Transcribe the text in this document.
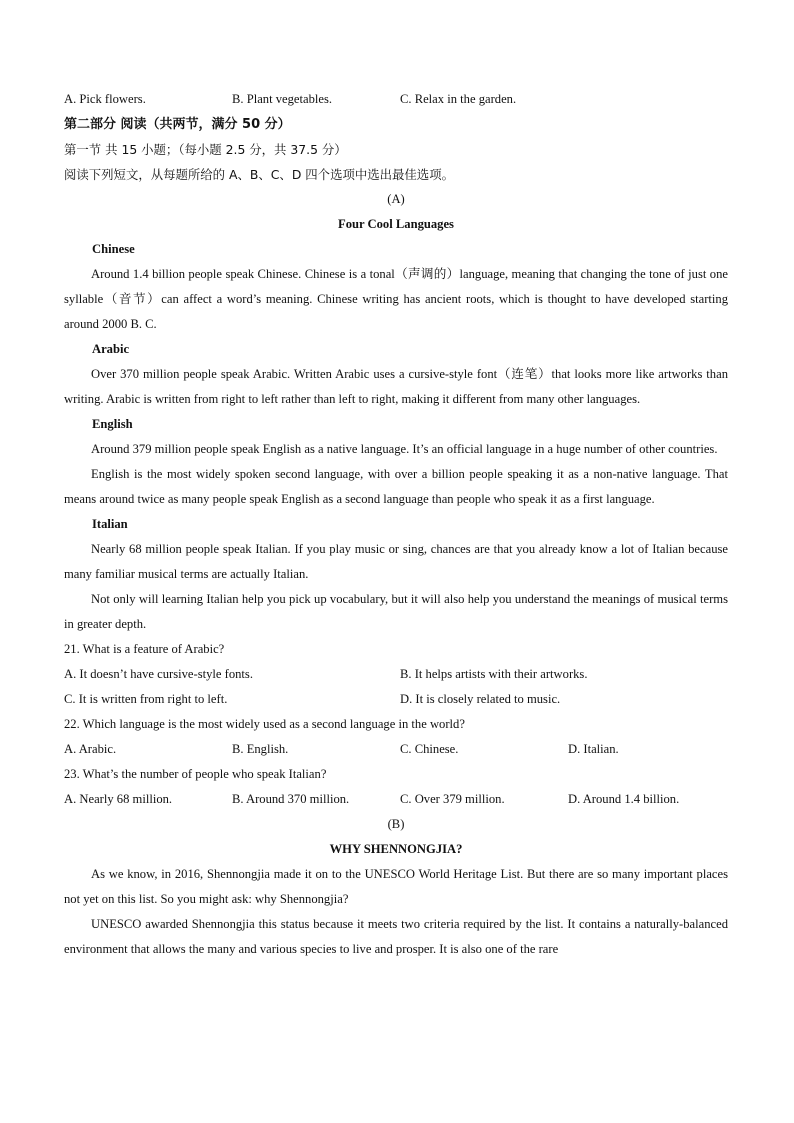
A. Pick flowers.	B. Plant vegetables.	C. Relax in the garden.
第二部分 阅读（共两节，满分 50 分）
第一节 共 15 小题；（每小题 2.5 分，共 37.5 分）
阅读下列短文，从每题所给的 A、B、C、D 四个选项中选出最佳选项。
(A)
Four Cool Languages
Chinese

Around 1.4 billion people speak Chinese. Chinese is a tonal（声调的）language, meaning that changing the tone of just one syllable（音节）can affect a word’s meaning. Chinese writing has ancient roots, which is thought to have developed starting around 2000 B. C.

Arabic

Over 370 million people speak Arabic. Written Arabic uses a cursive-style font（连笔）that looks more like artworks than writing. Arabic is written from right to left rather than left to right, making it different from many other languages.

English

Around 379 million people speak English as a native language. It’s an official language in a huge number of other countries.

English is the most widely spoken second language, with over a billion people speaking it as a non-native language. That means around twice as many people speak English as a second language than people who speak it as a first language.

Italian

Nearly 68 million people speak Italian. If you play music or sing, chances are that you already know a lot of Italian because many familiar musical terms are actually Italian.

Not only will learning Italian help you pick up vocabulary, but it will also help you understand the meanings of musical terms in greater depth.

21. What is a feature of Arabic?
A. It doesn’t have cursive-style fonts.	B. It helps artists with their artworks.
C. It is written from right to left.	D. It is closely related to music.
22. Which language is the most widely used as a second language in the world?
A. Arabic.	B. English.	C. Chinese.	D. Italian.
23. What’s the number of people who speak Italian?
A. Nearly 68 million.	B. Around 370 million.	C. Over 379 million.	D. Around 1.4 billion.
(B)
WHY SHENNONGJIA?

As we know, in 2016, Shennongjia made it on to the UNESCO World Heritage List. But there are so many important places not yet on this list. So you might ask: why Shennongjia?

UNESCO awarded Shennongjia this status because it meets two criteria required by the list. It contains a naturally-balanced environment that allows the many and various species to live and prosper. It is also one of the rare
